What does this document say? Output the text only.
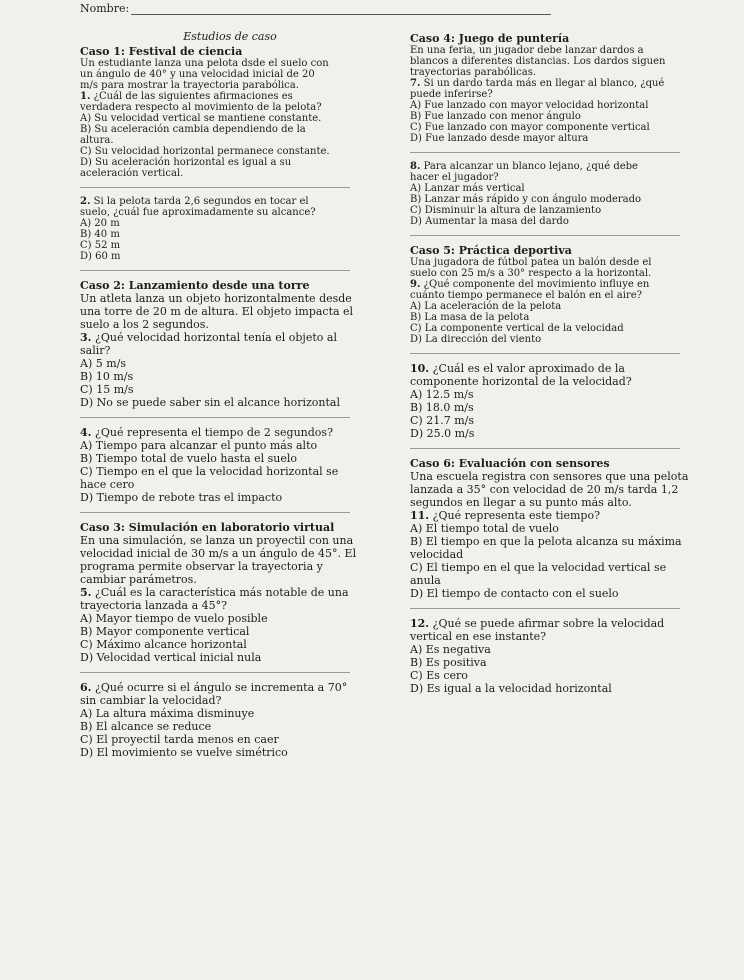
Nombre:

Estudios de caso

Caso 1: Festival de ciencia

Un estudiante lanza una pelota dsde el suelo con

un ángulo de 40° y una velocidad inicial de 20

m/s para mostrar la trayectoria parabólica.

1. ¿Cuál de las siguientes afirmaciones es

verdadera respecto al movimiento de la pelota?

A) Su velocidad vertical se mantiene constante.

B) Su aceleración cambia dependiendo de la

altura.

C) Su velocidad horizontal permanece constante.

D) Su aceleración horizontal es igual a su

aceleración vertical.

2. Si la pelota tarda 2,6 segundos en tocar el

suelo, ¿cuál fue aproximadamente su alcance?

A) 20 m

B) 40 m

C) 52 m

D) 60 m

Caso 2: Lanzamiento desde una torre

Un atleta lanza un objeto horizontalmente desde

una torre de 20 m de altura. El objeto impacta el

suelo a los 2 segundos.

3. ¿Qué velocidad horizontal tenía el objeto al

salir?

A) 5 m/s

B) 10 m/s

C) 15 m/s

D) No se puede saber sin el alcance horizontal

4. ¿Qué representa el tiempo de 2 segundos?

A) Tiempo para alcanzar el punto más alto

B) Tiempo total de vuelo hasta el suelo

C) Tiempo en el que la velocidad horizontal se

hace cero

D) Tiempo de rebote tras el impacto

Caso 3: Simulación en laboratorio virtual

En una simulación, se lanza un proyectil con una

velocidad inicial de 30 m/s a un ángulo de 45°. El

programa permite observar la trayectoria y

cambiar parámetros.

5. ¿Cuál es la característica más notable de una

trayectoria lanzada a 45°?

A) Mayor tiempo de vuelo posible

B) Mayor componente vertical

C) Máximo alcance horizontal

D) Velocidad vertical inicial nula

6. ¿Qué ocurre si el ángulo se incrementa a 70°

sin cambiar la velocidad?

A) La altura máxima disminuye

B) El alcance se reduce

C) El proyectil tarda menos en caer

D) El movimiento se vuelve simétrico

Caso 4: Juego de puntería

En una feria, un jugador debe lanzar dardos a

blancos a diferentes distancias. Los dardos siguen

trayectorias parabólicas.

7. Si un dardo tarda más en llegar al blanco, ¿qué

puede inferirse?

A) Fue lanzado con mayor velocidad horizontal

B) Fue lanzado con menor ángulo

C) Fue lanzado con mayor componente vertical

D) Fue lanzado desde mayor altura

8. Para alcanzar un blanco lejano, ¿qué debe

hacer el jugador?

A) Lanzar más vertical

B) Lanzar más rápido y con ángulo moderado

C) Disminuir la altura de lanzamiento

D) Aumentar la masa del dardo

Caso 5: Práctica deportiva

Una jugadora de fútbol patea un balón desde el

suelo con 25 m/s a 30° respecto a la horizontal.

9. ¿Qué componente del movimiento influye en

cuánto tiempo permanece el balón en el aire?

A) La aceleración de la pelota

B) La masa de la pelota

C) La componente vertical de la velocidad

D) La dirección del viento

10. ¿Cuál es el valor aproximado de la

componente horizontal de la velocidad?

A) 12.5 m/s

B) 18.0 m/s

C) 21.7 m/s

D) 25.0 m/s

Caso 6: Evaluación con sensores

Una escuela registra con sensores que una pelota

lanzada a 35° con velocidad de 20 m/s tarda 1,2

segundos en llegar a su punto más alto.

11. ¿Qué representa este tiempo?

A) El tiempo total de vuelo

B) El tiempo en que la pelota alcanza su máxima

velocidad

C) El tiempo en el que la velocidad vertical se

anula

D) El tiempo de contacto con el suelo

12. ¿Qué se puede afirmar sobre la velocidad

vertical en ese instante?

A) Es negativa

B) Es positiva

C) Es cero

D) Es igual a la velocidad horizontal
